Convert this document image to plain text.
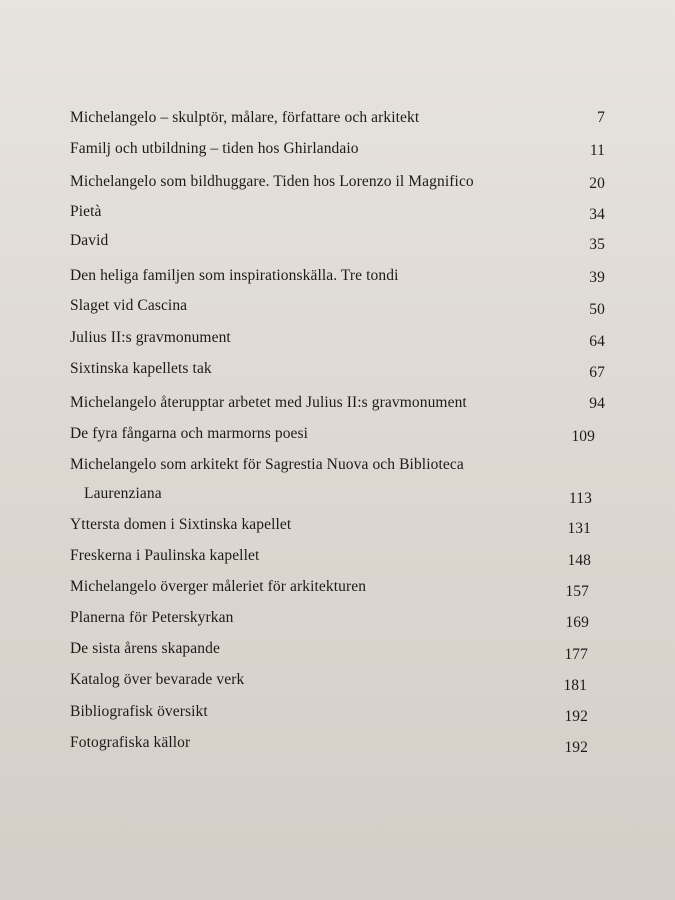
Michelangelo – skulptör, målare, författare och arkitekt	7
Familj och utbildning – tiden hos Ghirlandaio	11
Michelangelo som bildhuggare. Tiden hos Lorenzo il Magnifico	20
Pietà	34
David	35
Den heliga familjen som inspirationskälla. Tre tondi	39
Slaget vid Cascina	50
Julius II:s gravmonument	64
Sixtinska kapellets tak	67
Michelangelo återupptar arbetet med Julius II:s gravmonument	94
De fyra fångarna och marmorns poesi	109
Michelangelo som arkitekt för Sagrestia Nuova och Biblioteca
Laurenziana	113
Yttersta domen i Sixtinska kapellet	131
Freskerna i Paulinska kapellet	148
Michelangelo överger måleriet för arkitekturen	157
Planerna för Peterskyrkan	169
De sista årens skapande	177
Katalog över bevarade verk	181
Bibliografisk översikt	192
Fotografiska källor	192
